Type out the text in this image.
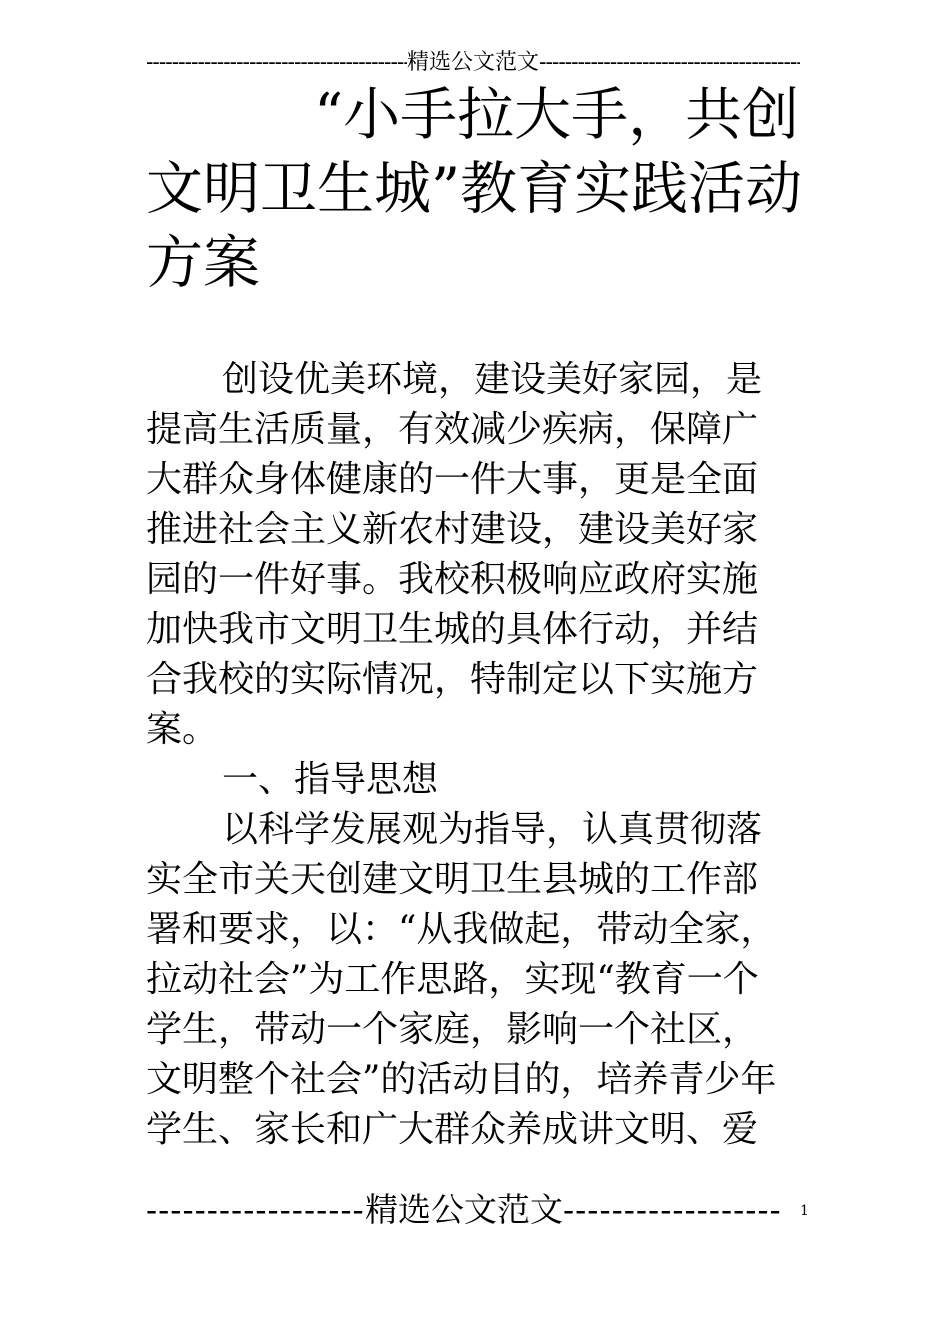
-----
精选公文范文
-----
“小手拉大手，共创
文明卫生城”教育实践活动
方案
创设优美环境，建设美好家园，是
提高生活质量，有效减少疾病，保障广
大群众身体健康的一件大事，更是全面
推进社会主义新农村建设，建设美好家
园的一件好事。我校积极响应政府实施
加快我市文明卫生城的具体行动，并结
合我校的实际情况，特制定以下实施方
案。
一、指导思想
以科学发展观为指导，认真贯彻落
实全市关天创建文明卫生县城的工作部
署和要求，以：“从我做起，带动全家，
拉动社会”为工作思路，实现“教育一个
学生，带动一个家庭，影响一个社区，
文明整个社会”的活动目的，培养青少年
学生、家长和广大群众养成讲文明、爱
-----
精选公文范文
-----	1
